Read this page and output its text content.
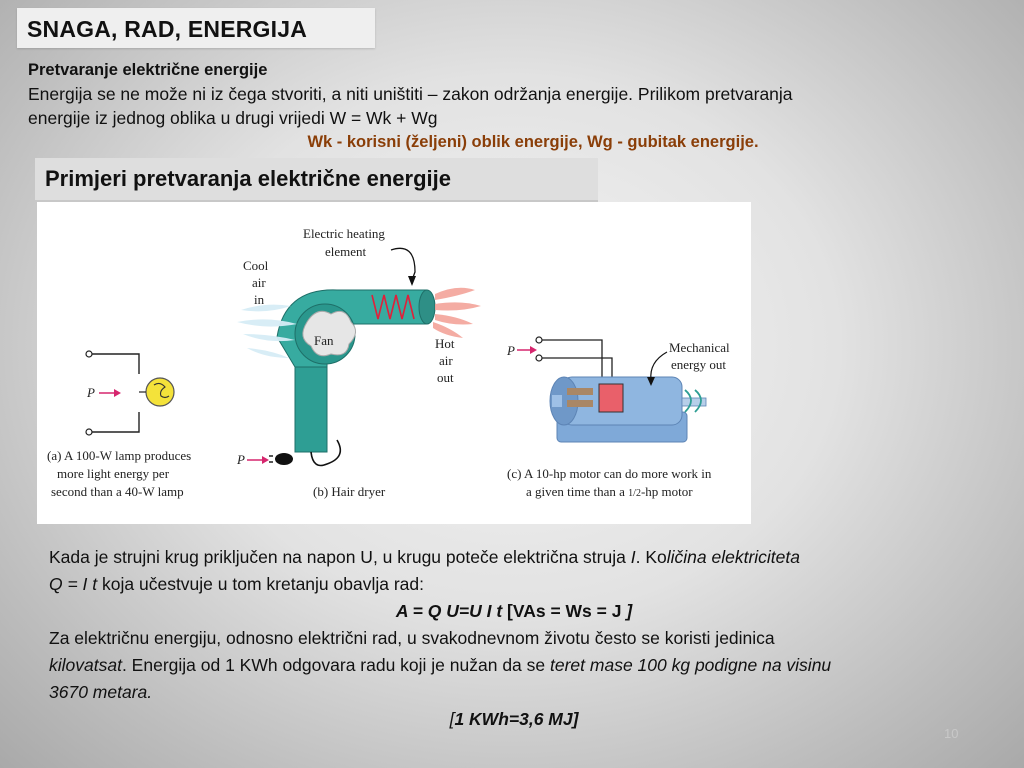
SNAGA, RAD, ENERGIJA
Pretvaranje električne energije
Energija se ne može ni iz čega stvoriti, a niti uništiti – zakon održanja energije. Prilikom pretvaranja
energije iz jednog oblika u drugi vrijedi W = Wk + Wg
Wk - korisni (željeni) oblik energije, Wg - gubitak energije.
Primjeri pretvaranja električne energije
P
(a) A 100-W lamp produces
more light energy per
second than a 40-W lamp
Electric heating
element
Cool
air
in
Fan	Hot
air
out
P
(b) Hair dryer
P	Mechanical
energy out
(c) A 10-hp motor can do more work in
a given time than a 1/2-hp motor
Kada je strujni krug priključen na napon U, u krugu poteče električna struja I. Količina elektriciteta
Q = I t koja učestvuje u tom kretanju obavlja rad:
A = Q U=U I t [VAs = Ws = J ]
Za električnu energiju, odnosno električni rad, u svakodnevnom životu često se koristi jedinica
kilovatsat. Energija od 1 KWh odgovara radu koji je nužan da se teret mase 100 kg podigne na visinu
3670 metara.
[1 KWh=3,6 MJ]
10
